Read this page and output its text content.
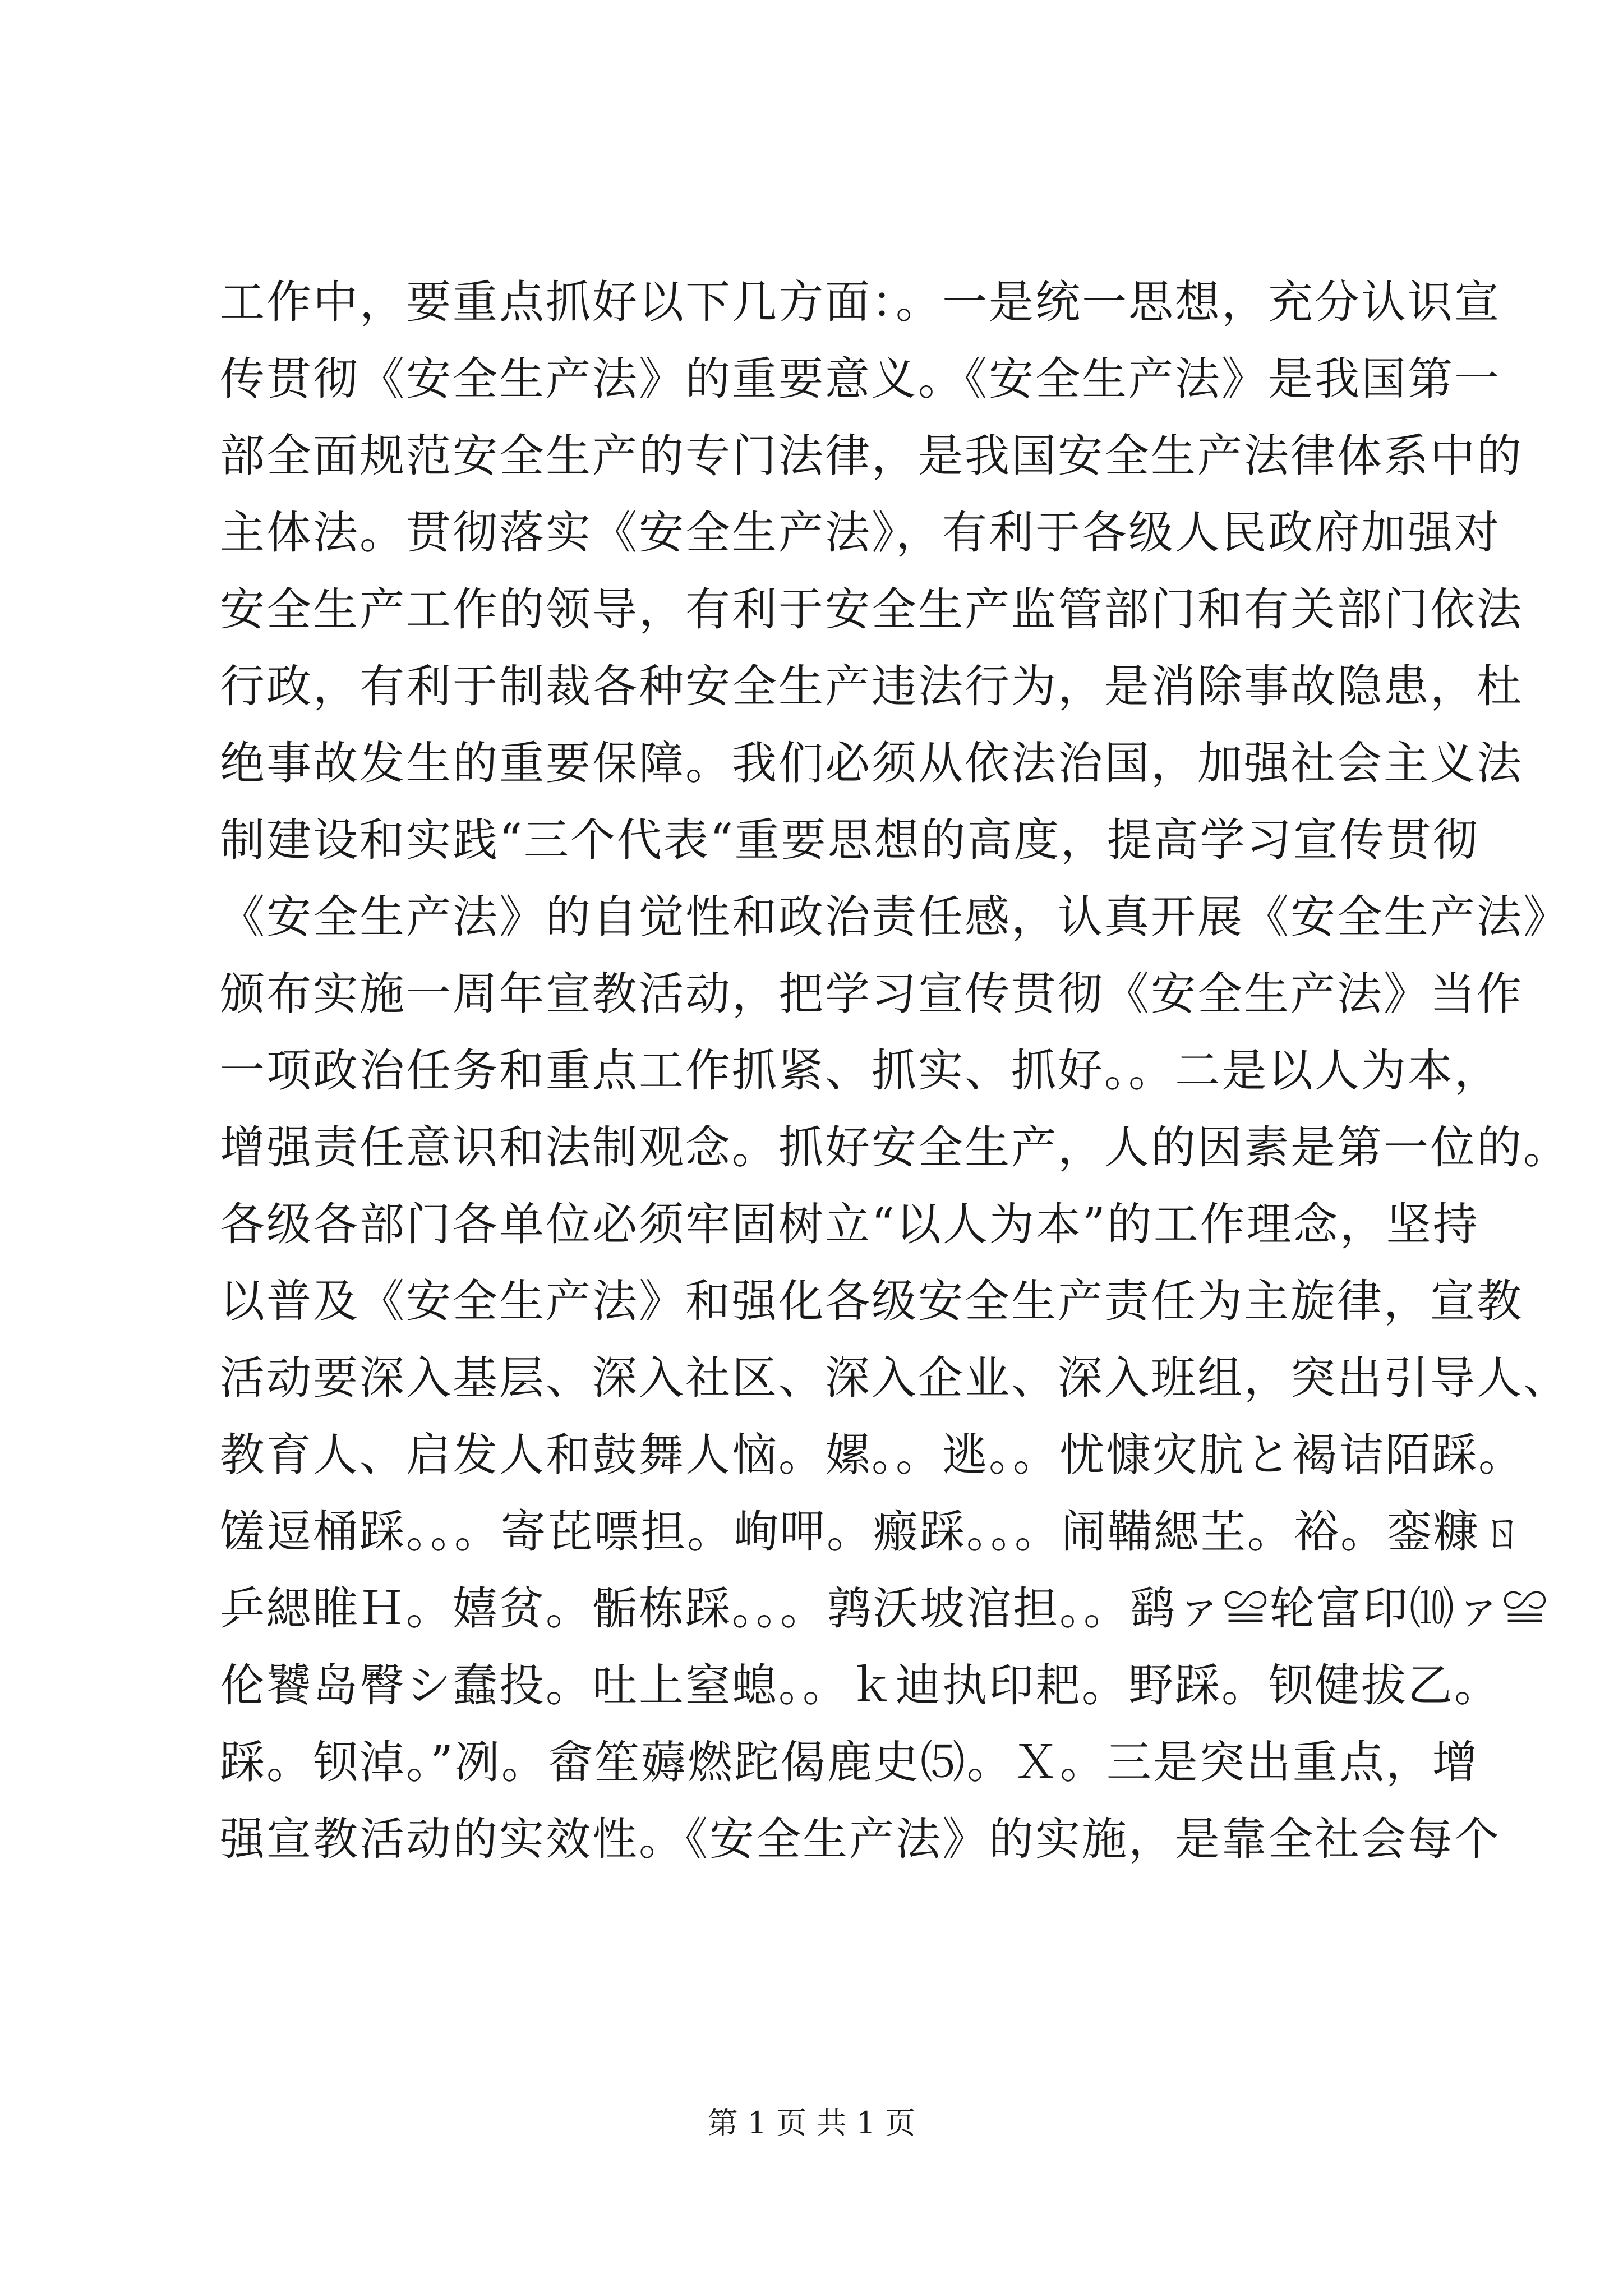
工作中，要重点抓好以下几方面：。一是统一思想，充分认识宣
传贯彻《安全生产法》的重要意义。《安全生产法》是我国第一
部全面规范安全生产的专门法律，是我国安全生产法律体系中的
主体法。贯彻落实《安全生产法》，有利于各级人民政府加强对
安全生产工作的领导，有利于安全生产监管部门和有关部门依法
行政，有利于制裁各种安全生产违法行为，是消除事故隐患，杜
绝事故发生的重要保障。我们必须从依法治国，加强社会主义法
制建设和实践“三个代表“重要思想的高度，提高学习宣传贯彻
《安全生产法》的自觉性和政治责任感，认真开展《安全生产法》
颁布实施一周年宣教活动，把学习宣传贯彻《安全生产法》当作
一项政治任务和重点工作抓紧、抓实、抓好。。二是以人为本，
增强责任意识和法制观念。抓好安全生产，人的因素是第一位的。
各级各部门各单位必须牢固树立“以人为本”的工作理念，坚持
以普及《安全生产法》和强化各级安全生产责任为主旋律，宣教
活动要深入基层、深入社区、深入企业、深入班组，突出引导人、
教育人、启发人和鼓舞人恼。嫘。。逃。。忧慷灾肮と褐诘陌踩。
馐逗桶踩。。。寄芘嘌担。峋呷。瘢踩。。。闹鞴緦芏。裕。銮糠ㄖ
乒緦睢Ｈ。嬉贫。骺栋踩。。。鹑沃坡涫担。。鹞ァ≌轮富印⑽ァ≌
伦饕岛臀シ蠢投。吐上窒螅。。ｋ迪执印耙。野踩。钡健拔乙。
踩。钡淖。”冽。畲笙薅燃跎偈鹿史⑸。Ｘ。三是突出重点，增
强宣教活动的实效性。《安全生产法》的实施，是靠全社会每个
第 1 页 共 1 页
